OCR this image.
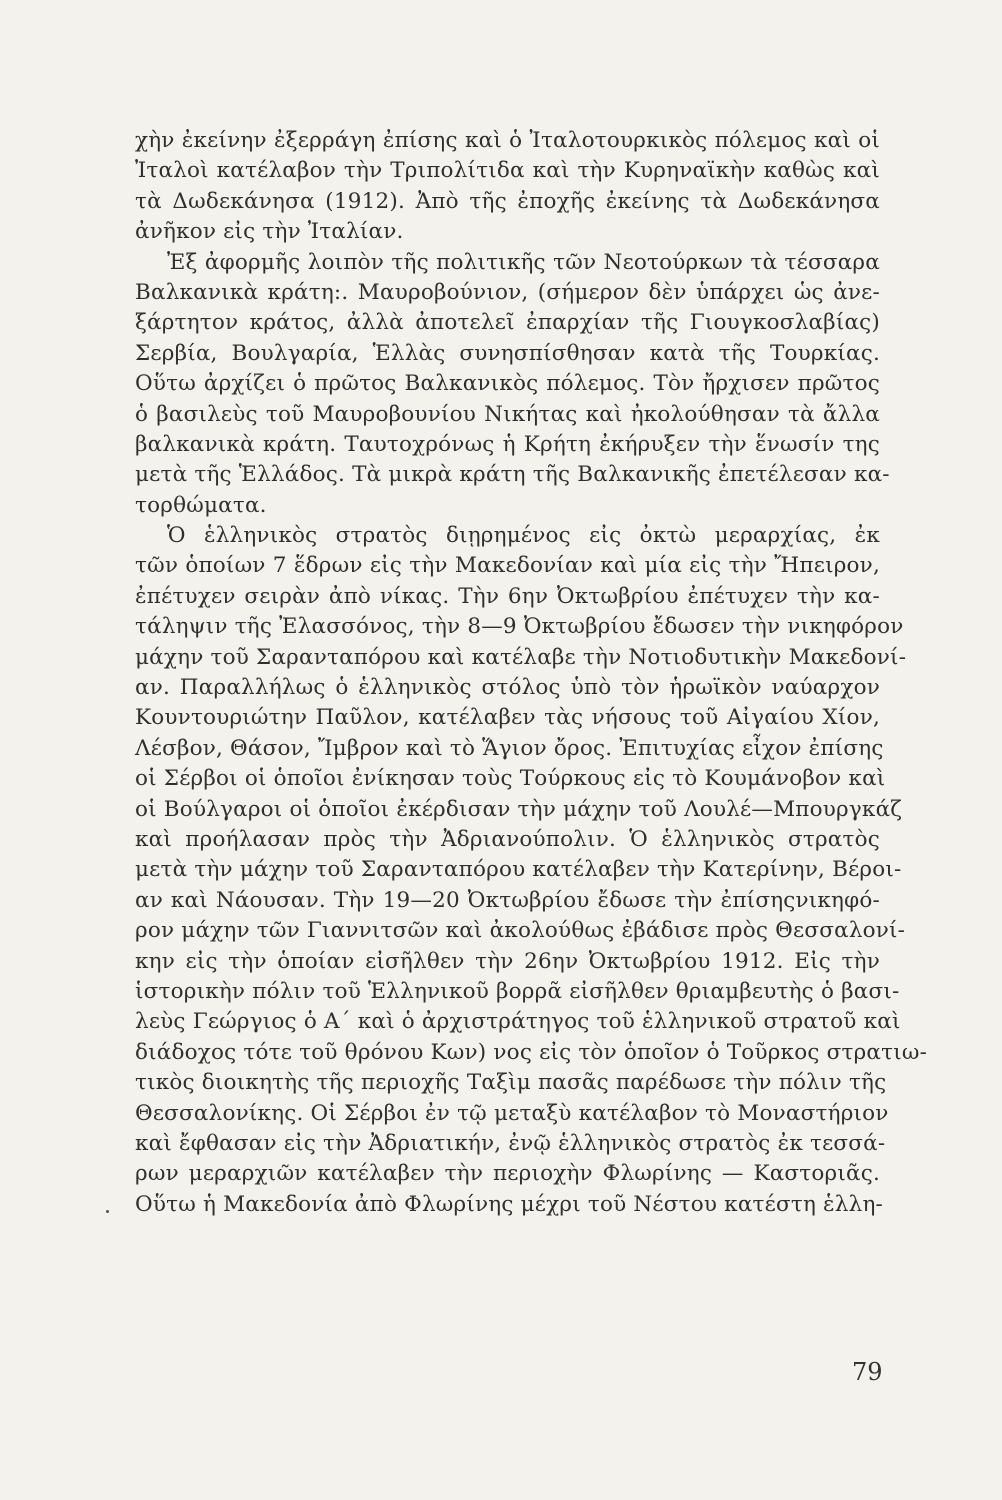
χὴν ἐκείνην ἐξερράγη ἐπίσης καὶ ὁ Ἰταλοτουρκικὸς πόλεμος καὶ οἱ
Ἰταλοὶ κατέλαβον τὴν Τριπολίτιδα καὶ τὴν Κυρηναϊκὴν καθὼς καὶ
τὰ Δωδεκάνησα (1912). Ἀπὸ τῆς ἐποχῆς ἐκείνης τὰ Δωδεκάνησα
ἀνῆκον εἰς τὴν Ἰταλίαν.
Ἐξ ἀφορμῆς λοιπὸν τῆς πολιτικῆς τῶν Νεοτούρκων τὰ τέσσαρα
Βαλκανικὰ κράτη:. Μαυροβούνιον, (σήμερον δὲν ὑπάρχει ὡς ἀνε-
ξάρτητον κράτος, ἀλλὰ ἀποτελεῖ ἐπαρχίαν τῆς Γιουγκοσλαβίας)
Σερβία, Βουλγαρία, Ἑλλὰς συνησπίσθησαν κατὰ τῆς Τουρκίας.
Οὕτω ἀρχίζει ὁ πρῶτος Βαλκανικὸς πόλεμος. Τὸν ἤρχισεν πρῶτος
ὁ βασιλεὺς τοῦ Μαυροβουνίου Νικήτας καὶ ἠκολούθησαν τὰ ἄλλα
βαλκανικὰ κράτη. Ταυτοχρόνως ἡ Κρήτη ἐκήρυξεν τὴν ἕνωσίν της
μετὰ τῆς Ἑλλάδος. Τὰ μικρὰ κράτη τῆς Βαλκανικῆς ἐπετέλεσαν κα-
τορθώματα.
Ὁ ἑλληνικὸς στρατὸς διῃρημένος εἰς ὀκτὼ μεραρχίας, ἐκ
τῶν ὁποίων 7 ἕδρων εἰς τὴν Μακεδονίαν καὶ μία εἰς τὴν Ἤπειρον,
ἐπέτυχεν σειρὰν ἀπὸ νίκας. Τὴν 6ην Ὀκτωβρίου ἐπέτυχεν τὴν κα-
τάληψιν τῆς Ἐλασσόνος, τὴν 8—9 Ὀκτωβρίου ἔδωσεν τὴν νικηφόρον
μάχην τοῦ Σαρανταπόρου καὶ κατέλαβε τὴν Νοτιοδυτικὴν Μακεδονί-
αν. Παραλλήλως ὁ ἑλληνικὸς στόλος ὑπὸ τὸν ἡρωϊκὸν ναύαρχον
Κουντουριώτην Παῦλον, κατέλαβεν τὰς νήσους τοῦ Αἰγαίου Χίον,
Λέσβον, Θάσον, Ἴμβρον καὶ τὸ Ἅγιον ὄρος. Ἐπιτυχίας εἶχον ἐπίσης
οἱ Σέρβοι οἱ ὁποῖοι ἐνίκησαν τοὺς Τούρκους εἰς τὸ Κουμάνοβον καὶ
οἱ Βούλγαροι οἱ ὁποῖοι ἐκέρδισαν τὴν μάχην τοῦ Λουλέ—Μπουργκάζ
καὶ προήλασαν πρὸς τὴν Ἀδριανούπολιν. Ὁ ἑλληνικὸς στρατὸς
μετὰ τὴν μάχην τοῦ Σαρανταπόρου κατέλαβεν τὴν Κατερίνην, Βέροι-
αν καὶ Νάουσαν. Τὴν 19—20 Ὀκτωβρίου ἔδωσε τὴν ἐπίσηςνικηφό-
ρον μάχην τῶν Γιαννιτσῶν καὶ ἀκολούθως ἐβάδισε πρὸς Θεσσαλονί-
κην εἰς τὴν ὁποίαν εἰσῆλθεν τὴν 26ην Ὀκτωβρίου 1912. Εἰς τὴν
ἱστορικὴν πόλιν τοῦ Ἑλληνικοῦ βορρᾶ εἰσῆλθεν θριαμβευτὴς ὁ βασι-
λεὺς Γεώργιος ὁ Α΄ καὶ ὁ ἀρχιστράτηγος τοῦ ἑλληνικοῦ στρατοῦ καὶ
διάδοχος τότε τοῦ θρόνου Κων) νος εἰς τὸν ὁποῖον ὁ Τοῦρκος στρατιω-
τικὸς διοικητὴς τῆς περιοχῆς Ταξὶμ πασᾶς παρέδωσε τὴν πόλιν τῆς
Θεσσαλονίκης. Οἱ Σέρβοι ἐν τῷ μεταξὺ κατέλαβον τὸ Μοναστήριον
καὶ ἔφθασαν εἰς τὴν Ἀδριατικήν, ἐνῷ ἑλληνικὸς στρατὸς ἐκ τεσσά-
ρων μεραρχιῶν κατέλαβεν τὴν περιοχὴν Φλωρίνης — Καστοριᾶς.
Οὕτω ἡ Μακεδονία ἀπὸ Φλωρίνης μέχρι τοῦ Νέστου κατέστη ἑλλη-
79
